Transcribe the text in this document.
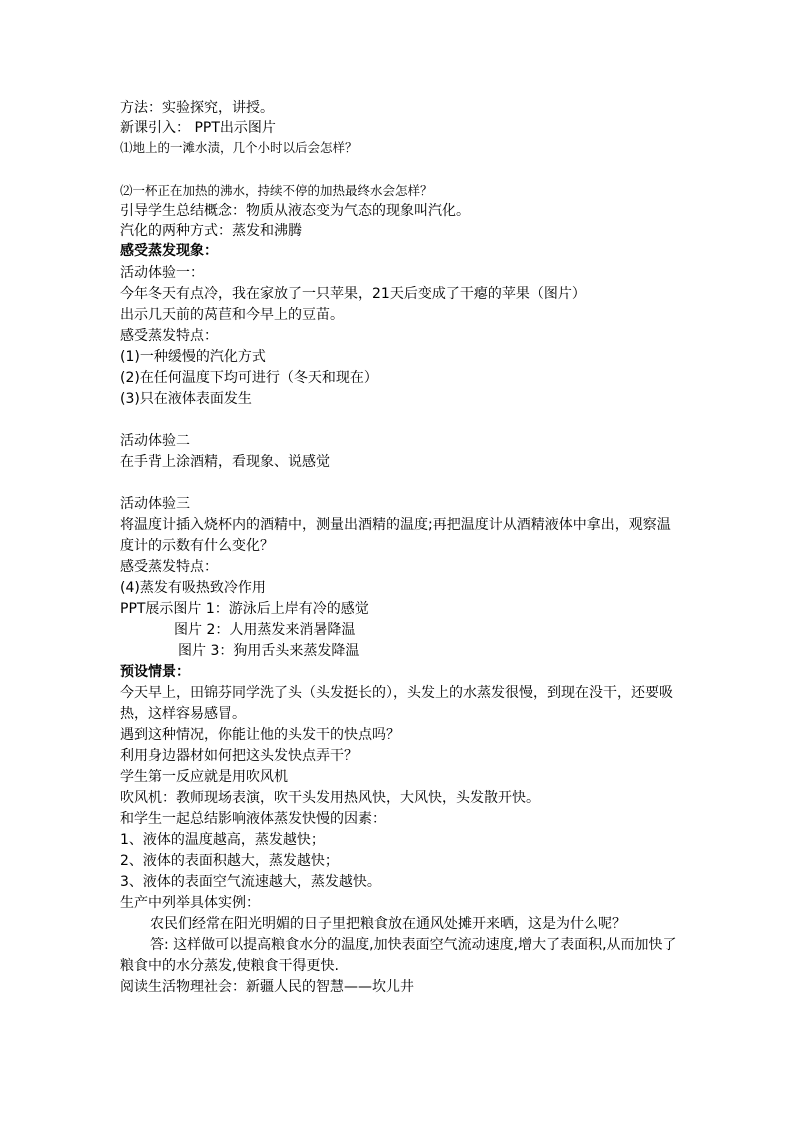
方法：实验探究，讲授。
新课引入： PPT出示图片
⑴地上的一滩水渍，几个小时以后会怎样？
⑵一杯正在加热的沸水，持续不停的加热最终水会怎样？
引导学生总结概念：物质从液态变为气态的现象叫汽化。
汽化的两种方式：蒸发和沸腾
感受蒸发现象：
活动体验一：
今年冬天有点冷，我在家放了一只苹果，21天后变成了干瘪的苹果（图片）
出示几天前的莴苣和今早上的豆苗。
感受蒸发特点：
(1)一种缓慢的汽化方式
(2)在任何温度下均可进行（冬天和现在）
(3)只在液体表面发生
活动体验二
在手背上涂酒精，看现象、说感觉
活动体验三
将温度计插入烧杯内的酒精中，测量出酒精的温度;再把温度计从酒精液体中拿出，观察温
度计的示数有什么变化？
感受蒸发特点：
(4)蒸发有吸热致冷作用
PPT展示图片 1：游泳后上岸有冷的感觉
图片 2：人用蒸发来消暑降温
图片 3：狗用舌头来蒸发降温
预设情景：
今天早上，田锦芬同学洗了头（头发挺长的），头发上的水蒸发很慢，到现在没干，还要吸
热，这样容易感冒。
遇到这种情况，你能让他的头发干的快点吗？
利用身边器材如何把这头发快点弄干？
学生第一反应就是用吹风机
吹风机：教师现场表演，吹干头发用热风快，大风快，头发散开快。
和学生一起总结影响液体蒸发快慢的因素：
1、液体的温度越高，蒸发越快；
2、液体的表面积越大，蒸发越快；
3、液体的表面空气流速越大，蒸发越快。
生产中列举具体实例：
农民们经常在阳光明媚的日子里把粮食放在通风处摊开来晒，这是为什么呢？
答: 这样做可以提高粮食水分的温度,加快表面空气流动速度,增大了表面积,从而加快了
粮食中的水分蒸发,使粮食干得更快.
阅读生活物理社会：新疆人民的智慧——坎儿井
